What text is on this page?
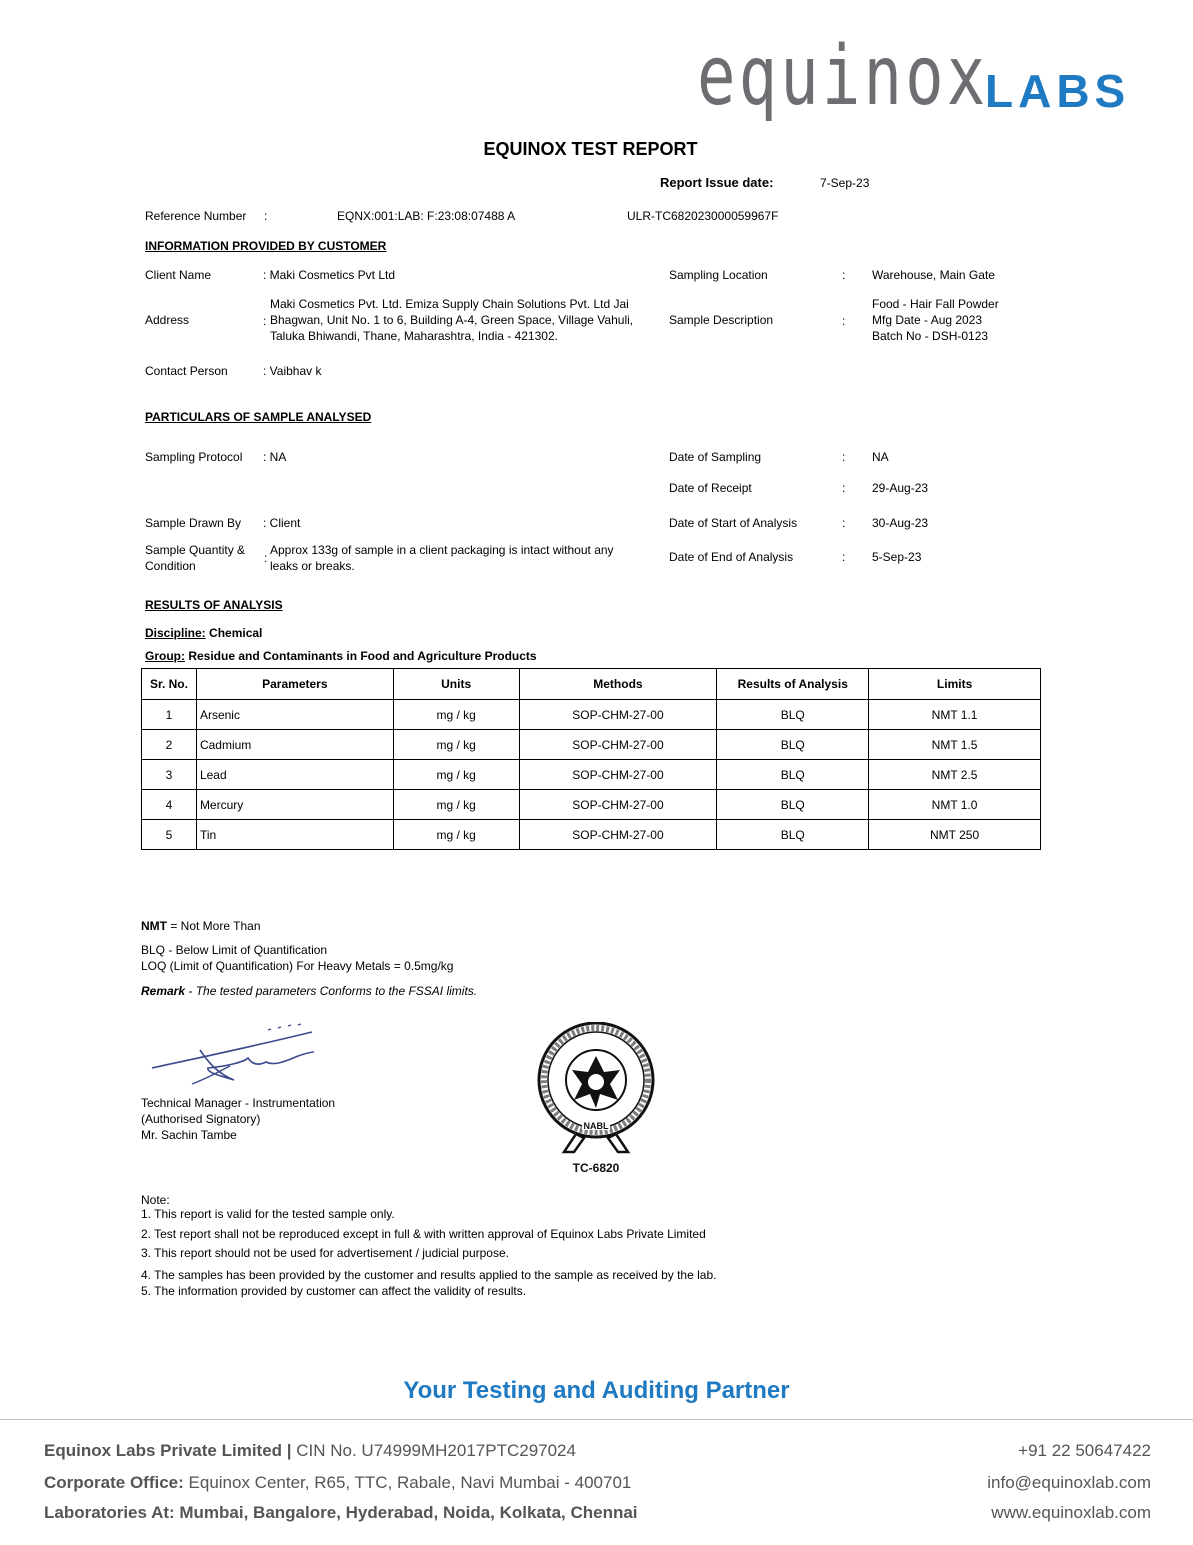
equinox
LABS
EQUINOX TEST REPORT
Report Issue date:	7-Sep-23
Reference Number :	EQNX:001:LAB: F:23:08:07488 A	ULR-TC682023000059967F
INFORMATION PROVIDED BY CUSTOMER
Client Name	: Maki Cosmetics Pvt Ltd	Sampling Location	: Warehouse, Main Gate
Address	:
Maki Cosmetics Pvt. Ltd. Emiza Supply Chain Solutions Pvt. Ltd Jai
Bhagwan, Unit No. 1 to 6, Building A-4, Green Space, Village Vahuli,
Taluka Bhiwandi, Thane, Maharashtra, India - 421302.
Sample Description	:
Food - Hair Fall Powder
Mfg Date - Aug 2023
Batch No - DSH-0123
Contact Person	: Vaibhav k
PARTICULARS OF SAMPLE ANALYSED
Sampling Protocol : NA	Date of Sampling	: NA
Date of Receipt	: 29-Aug-23
Sample Drawn By : Client	Date of Start of Analysis	: 30-Aug-23
Sample Quantity &
Condition
:
Approx 133g of sample in a client packaging is intact without any
leaks or breaks.
Date of End of Analysis	: 5-Sep-23
RESULTS OF ANALYSIS
Discipline: Chemical
Group: Residue and Contaminants in Food and Agriculture Products
Sr. No.	Parameters	Units	Methods	Results of Analysis	Limits
1	Arsenic	mg / kg	SOP-CHM-27-00	BLQ	NMT 1.1
2	Cadmium	mg / kg	SOP-CHM-27-00	BLQ	NMT 1.5
3	Lead	mg / kg	SOP-CHM-27-00	BLQ	NMT 2.5
4	Mercury	mg / kg	SOP-CHM-27-00	BLQ	NMT 1.0
5	Tin	mg / kg	SOP-CHM-27-00	BLQ	NMT 250
NMT = Not More Than
BLQ - Below Limit of Quantification
LOQ (Limit of Quantification) For Heavy Metals = 0.5mg/kg
Remark - The tested parameters Conforms to the FSSAI limits.
Technical Manager - Instrumentation
(Authorised Signatory)
Mr. Sachin Tambe
NABL
TC-6820
Note:
1. This report is valid for the tested sample only.
2. Test report shall not be reproduced except in full & with written approval of Equinox Labs Private Limited
3. This report should not be used for advertisement / judicial purpose.
4. The samples has been provided by the customer and results applied to the sample as received by the lab.
5. The information provided by customer can affect the validity of results.
Your Testing and Auditing Partner
Equinox Labs Private Limited | CIN No. U74999MH2017PTC297024
Corporate Office: Equinox Center, R65, TTC, Rabale, Navi Mumbai - 400701
Laboratories At: Mumbai, Bangalore, Hyderabad, Noida, Kolkata, Chennai
+91 22 50647422
info@equinoxlab.com
www.equinoxlab.com
